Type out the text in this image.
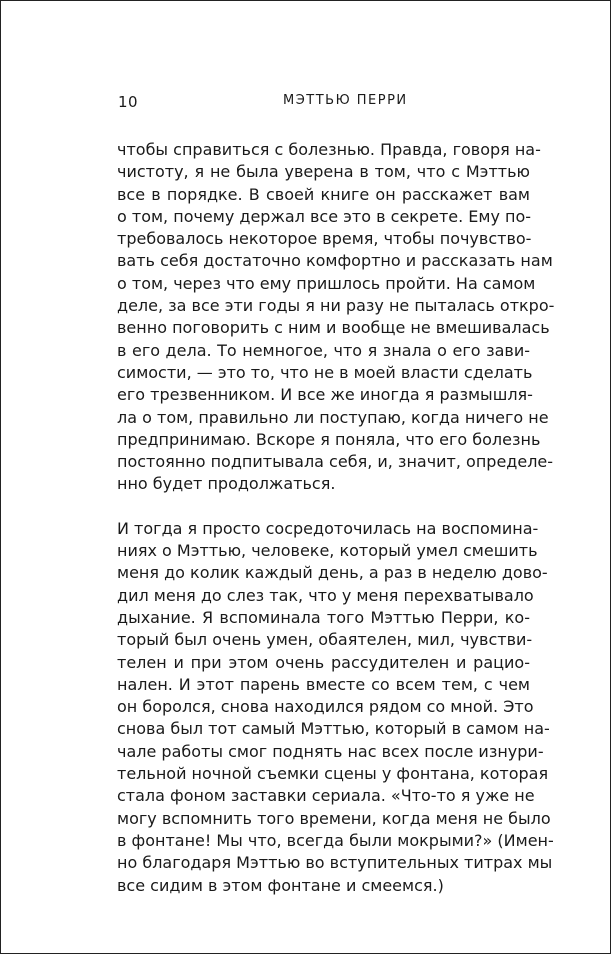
10	МЭТТЬЮ ПЕРРИ

чтобы справиться с болезнью. Правда, говоря на-
чистоту, я не была уверена в том, что с Мэттью
все в порядке. В своей книге он расскажет вам
о том, почему держал все это в секрете. Ему по-
требовалось некоторое время, чтобы почувство-
вать себя достаточно комфортно и рассказать нам
о том, через что ему пришлось пройти. На самом
деле, за все эти годы я ни разу не пыталась откро-
венно поговорить с ним и вообще не вмешивалась
в его дела. То немногое, что я знала о его зави-
симости, — это то, что не в моей власти сделать
его трезвенником. И все же иногда я размышля-
ла о том, правильно ли поступаю, когда ничего не
предпринимаю. Вскоре я поняла, что его болезнь
постоянно подпитывала себя, и, значит, определе-
нно будет продолжаться.

И тогда я просто сосредоточилась на воспомина-
ниях о Мэттью, человеке, который умел смешить
меня до колик каждый день, а раз в неделю дово-
дил меня до слез так, что у меня перехватывало
дыхание. Я вспоминала того Мэттью Перри, ко-
торый был очень умен, обаятелен, мил, чувстви-
телен и при этом очень рассудителен и рацио-
нален. И этот парень вместе со всем тем, с чем
он боролся, снова находился рядом со мной. Это
снова был тот самый Мэттью, который в самом на-
чале работы смог поднять нас всех после изнури-
тельной ночной съемки сцены у фонтана, которая
стала фоном заставки сериала. «Что-то я уже не
могу вспомнить того времени, когда меня не было
в фонтане! Мы что, всегда были мокрыми?» (Имен-
но благодаря Мэттью во вступительных титрах мы
все сидим в этом фонтане и смеемся.)
